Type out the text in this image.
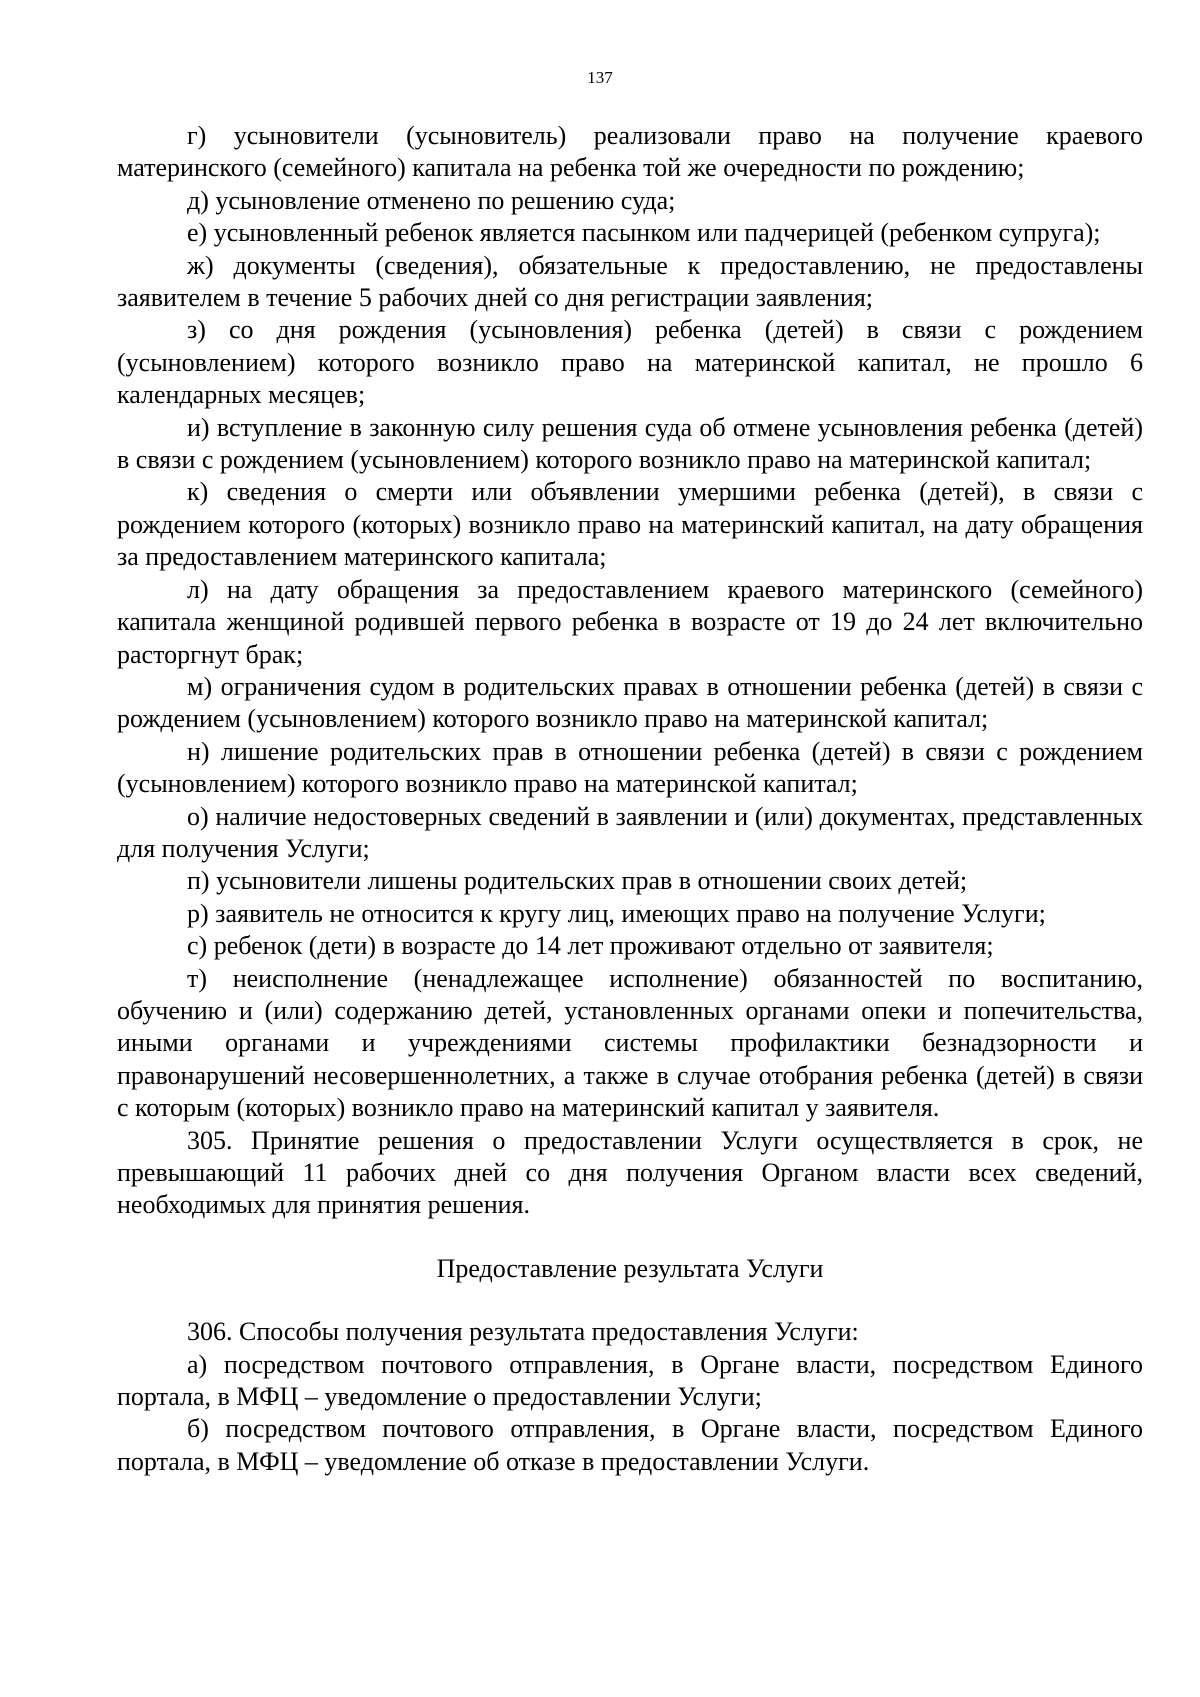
137

г) усыновители (усыновитель) реализовали право на получение краевого материнского (семейного) капитала на ребенка той же очередности по рождению;

д) усыновление отменено по решению суда;

е) усыновленный ребенок является пасынком или падчерицей (ребенком супруга);

ж) документы (сведения), обязательные к предоставлению, не предоставлены заявителем в течение 5 рабочих дней со дня регистрации заявления;

з) со дня рождения (усыновления) ребенка (детей) в связи с рождением (усыновлением) которого возникло право на материнской капитал, не прошло 6 календарных месяцев;

и) вступление в законную силу решения суда об отмене усыновления ребенка (детей) в связи с рождением (усыновлением) которого возникло право на материнской капитал;

к) сведения о смерти или объявлении умершими ребенка (детей), в связи с рождением которого (которых) возникло право на материнский капитал, на дату обращения за предоставлением материнского капитала;

л) на дату обращения за предоставлением краевого материнского (семейного) капитала женщиной родившей первого ребенка в возрасте от 19 до 24 лет включительно расторгнут брак;

м) ограничения судом в родительских правах в отношении ребенка (детей) в связи с рождением (усыновлением) которого возникло право на материнской капитал;

н) лишение родительских прав в отношении ребенка (детей) в связи с рождением (усыновлением) которого возникло право на материнской капитал;

о) наличие недостоверных сведений в заявлении и (или) документах, представленных для получения Услуги;

п) усыновители лишены родительских прав в отношении своих детей;

р) заявитель не относится к кругу лиц, имеющих право на получение Услуги;

с) ребенок (дети) в возрасте до 14 лет проживают отдельно от заявителя;

т) неисполнение (ненадлежащее исполнение) обязанностей по воспитанию, обучению и (или) содержанию детей, установленных органами опеки и попечительства, иными органами и учреждениями системы профилактики безнадзорности и правонарушений несовершеннолетних, а также в случае отобрания ребенка (детей) в связи с которым (которых) возникло право на материнский капитал у заявителя.

305. Принятие решения о предоставлении Услуги осуществляется в срок, не превышающий 11 рабочих дней со дня получения Органом власти всех сведений, необходимых для принятия решения.

Предоставление результата Услуги

306. Способы получения результата предоставления Услуги:

а) посредством почтового отправления, в Органе власти, посредством Единого портала, в МФЦ – уведомление о предоставлении Услуги;

б) посредством почтового отправления, в Органе власти, посредством Единого портала, в МФЦ – уведомление об отказе в предоставлении Услуги.
